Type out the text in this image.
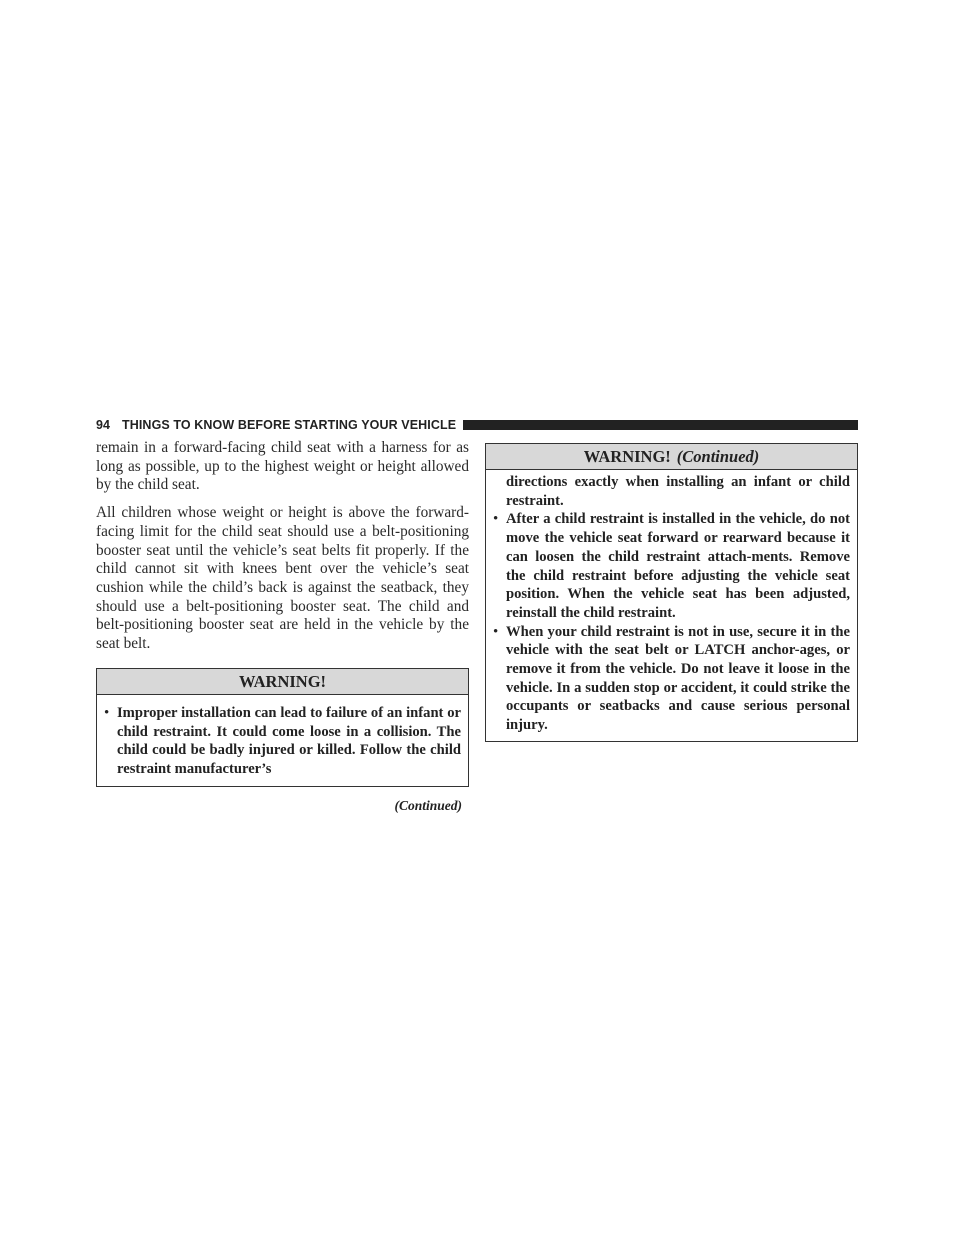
94 THINGS TO KNOW BEFORE STARTING YOUR VEHICLE

remain in a forward-facing child seat with a harness for as long as possible, up to the highest weight or height allowed by the child seat.

All children whose weight or height is above the forward-facing limit for the child seat should use a belt-positioning booster seat until the vehicle’s seat belts fit properly. If the child cannot sit with knees bent over the vehicle’s seat cushion while the child’s back is against the seatback, they should use a belt-positioning booster seat. The child and belt-positioning booster seat are held in the vehicle by the seat belt.

WARNING!

• Improper installation can lead to failure of an infant or child restraint. It could come loose in a collision. The child could be badly injured or killed. Follow the child restraint manufacturer’s

(Continued)
WARNING! (Continued)

directions exactly when installing an infant or child restraint.

• After a child restraint is installed in the vehicle, do not move the vehicle seat forward or rearward because it can loosen the child restraint attach-ments. Remove the child restraint before adjusting the vehicle seat position. When the vehicle seat has been adjusted, reinstall the child restraint.

• When your child restraint is not in use, secure it in the vehicle with the seat belt or LATCH anchor-ages, or remove it from the vehicle. Do not leave it loose in the vehicle. In a sudden stop or accident, it could strike the occupants or seatbacks and cause serious personal injury.
